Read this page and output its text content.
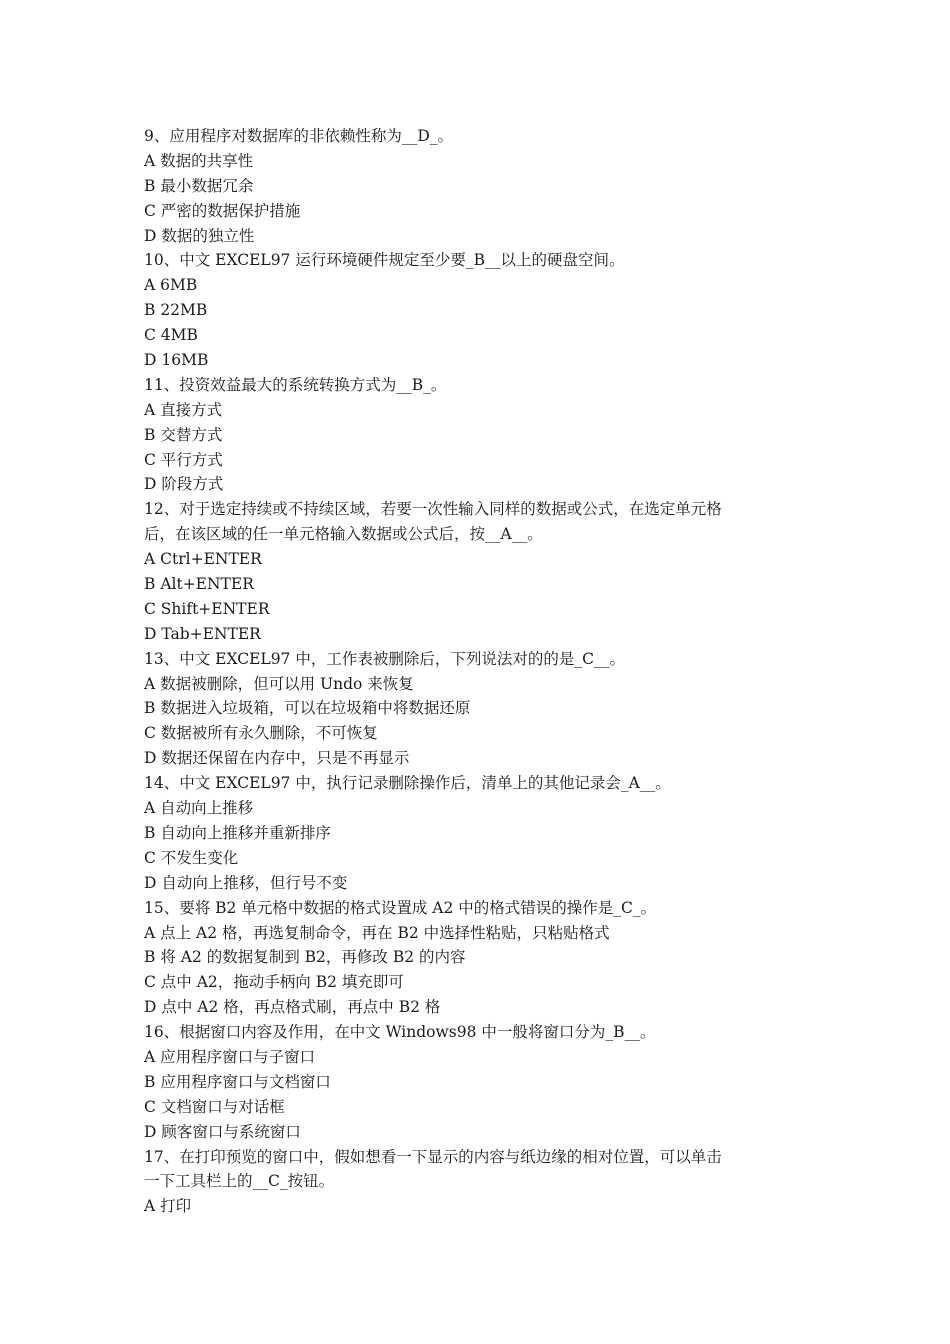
9、应用程序对数据库的非依赖性称为__D_。
A 数据的共享性
B 最小数据冗余
C 严密的数据保护措施
D 数据的独立性
10、中文 EXCEL97 运行环境硬件规定至少要_B__以上的硬盘空间。
A 6MB
B 22MB
C 4MB
D 16MB
11、投资效益最大的系统转换方式为__B_。
A 直接方式
B 交替方式
C 平行方式
D 阶段方式
12、对于选定持续或不持续区域，若要一次性输入同样的数据或公式，在选定单元格
后，在该区域的任一单元格输入数据或公式后，按__A__。
A Ctrl+ENTER
B Alt+ENTER
C Shift+ENTER
D Tab+ENTER
13、中文 EXCEL97 中，工作表被删除后，下列说法对的的是_C__。
A 数据被删除，但可以用 Undo 来恢复
B 数据进入垃圾箱，可以在垃圾箱中将数据还原
C 数据被所有永久删除，不可恢复
D 数据还保留在内存中，只是不再显示
14、中文 EXCEL97 中，执行记录删除操作后，清单上的其他记录会_A__。
A 自动向上推移
B 自动向上推移并重新排序
C 不发生变化
D 自动向上推移，但行号不变
15、要将 B2 单元格中数据的格式设置成 A2 中的格式错误的操作是_C_。
A 点上 A2 格，再选复制命令，再在 B2 中选择性粘贴，只粘贴格式
B 将 A2 的数据复制到 B2，再修改 B2 的内容
C 点中 A2，拖动手柄向 B2 填充即可
D 点中 A2 格，再点格式刷，再点中 B2 格
16、根据窗口内容及作用，在中文 Windows98 中一般将窗口分为_B__。
A 应用程序窗口与子窗口
B 应用程序窗口与文档窗口
C 文档窗口与对话框
D 顾客窗口与系统窗口
17、在打印预览的窗口中，假如想看一下显示的内容与纸边缘的相对位置，可以单击
一下工具栏上的__C_按钮。
A 打印
